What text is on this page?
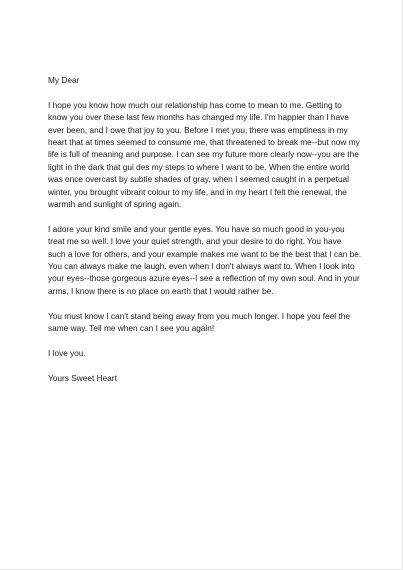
My Dear

I hope you know how much our relationship has come to mean to me. Getting to
know you over these last few months has changed my life. I'm happier than I have
ever been, and I owe that joy to you. Before I met you, there was emptiness in my
heart that at times seemed to consume me, that threatened to break me--but now my
life is full of meaning and purpose. I can see my future more clearly now--you are the
light in the dark that gui des my steps to where I want to be. When the entire world
was once overcast by subtle shades of gray, when I seemed caught in a perpetual
winter, you brought vibrant colour to my life, and in my heart I felt the renewal, the
warmth and sunlight of spring again.

I adore your kind smile and your gentle eyes. You have so much good in you-you
treat me so well. I love your quiet strength, and your desire to do right. You have
such a love for others, and your example makes me want to be the best that I can be.
You can always make me laugh, even when I don't always want to. When I look into
your eyes--those gorgeous azure eyes--I see a reflection of my own soul. And in your
arms, I know there is no place on earth that I would rather be.

You must know I can't stand being away from you much longer. I hope you feel the
same way. Tell me when can I see you again!

I love you.

Yours Sweet Heart
